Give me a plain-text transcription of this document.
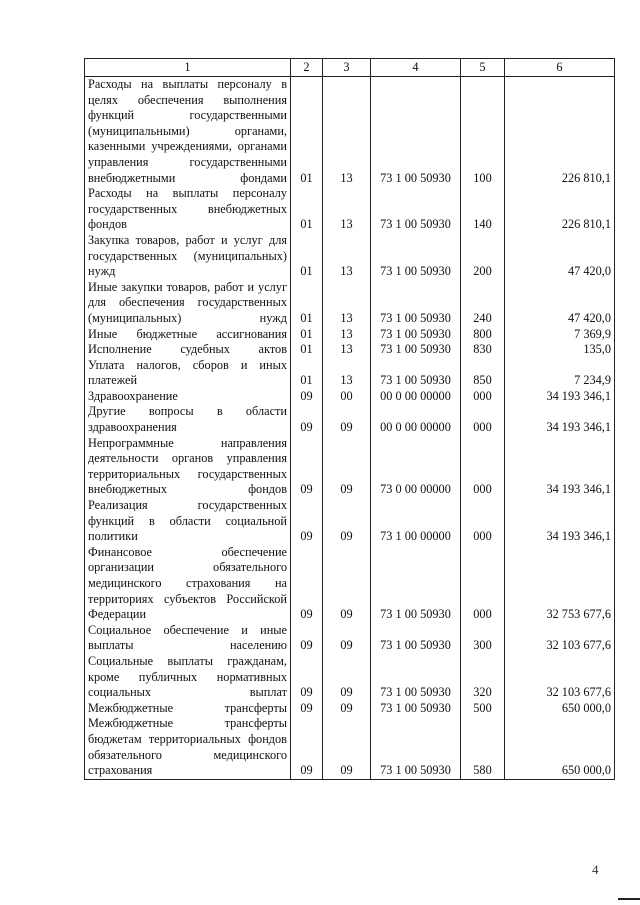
1	2	3	4	5	6
Расходы на выплаты персоналу в целях обеспечения выполнения функций государственными (муниципальными) органами, казенными учреждениями, органами управления государственными внебюджетными фондами	01	13	73 1 00 50930	100	226 810,1
Расходы на выплаты персоналу государственных внебюджетных фондов	01	13	73 1 00 50930	140	226 810,1
Закупка товаров, работ и услуг для государственных (муниципальных) нужд	01	13	73 1 00 50930	200	47 420,0
Иные закупки товаров, работ и услуг для обеспечения государственных (муниципальных) нужд	01	13	73 1 00 50930	240	47 420,0
Иные бюджетные ассигнования	01	13	73 1 00 50930	800	7 369,9
Исполнение судебных актов	01	13	73 1 00 50930	830	135,0
Уплата налогов, сборов и иных платежей	01	13	73 1 00 50930	850	7 234,9
Здравоохранение	09	00	00 0 00 00000	000	34 193 346,1
Другие вопросы в области здравоохранения	09	09	00 0 00 00000	000	34 193 346,1
Непрограммные направления деятельности органов управления территориальных государственных внебюджетных фондов	09	09	73 0 00 00000	000	34 193 346,1
Реализация государственных функций в области социальной политики	09	09	73 1 00 00000	000	34 193 346,1
Финансовое обеспечение организации обязательного медицинского страхования на территориях субъектов Российской Федерации	09	09	73 1 00 50930	000	32 753 677,6
Социальное обеспечение и иные выплаты населению	09	09	73 1 00 50930	300	32 103 677,6
Социальные выплаты гражданам, кроме публичных нормативных социальных выплат	09	09	73 1 00 50930	320	32 103 677,6
Межбюджетные трансферты	09	09	73 1 00 50930	500	650 000,0
Межбюджетные трансферты бюджетам территориальных фондов обязательного медицинского страхования	09	09	73 1 00 50930	580	650 000,0
4
